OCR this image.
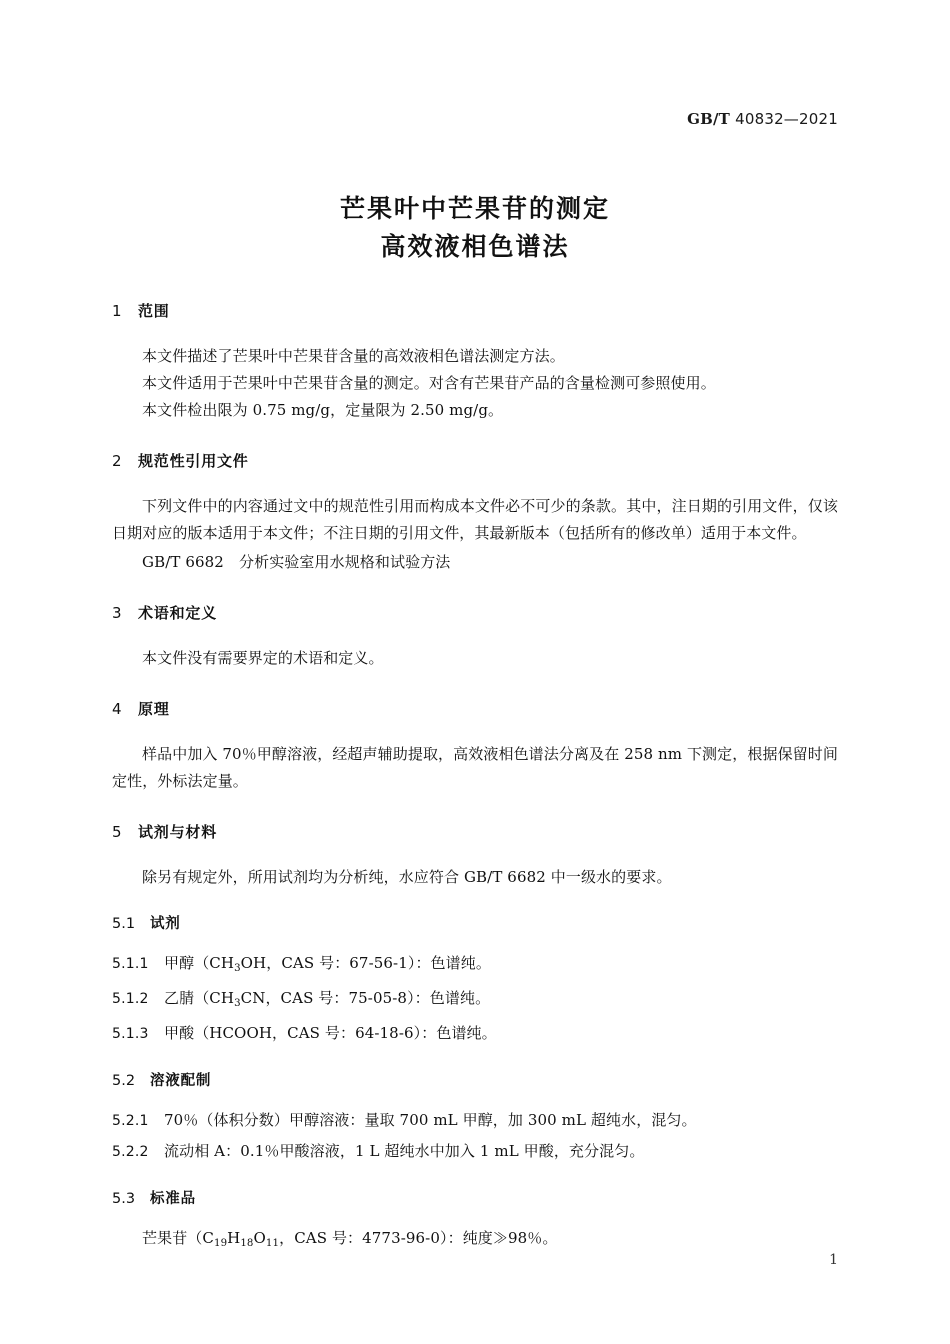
GB/T 40832—2021
芒果叶中芒果苷的测定
高效液相色谱法
1 范围

本文件描述了芒果叶中芒果苷含量的高效液相色谱法测定方法。

本文件适用于芒果叶中芒果苷含量的测定。对含有芒果苷产品的含量检测可参照使用。

本文件检出限为 0.75 mg/g，定量限为 2.50 mg/g。

2 规范性引用文件

下列文件中的内容通过文中的规范性引用而构成本文件必不可少的条款。其中，注日期的引用文件，仅该日期对应的版本适用于本文件；不注日期的引用文件，其最新版本（包括所有的修改单）适用于本文件。

GB/T 6682　分析实验室用水规格和试验方法

3 术语和定义

本文件没有需要界定的术语和定义。

4 原理

样品中加入 70％甲醇溶液，经超声辅助提取，高效液相色谱法分离及在 258 nm 下测定，根据保留时间定性，外标法定量。

5 试剂与材料

除另有规定外，所用试剂均为分析纯，水应符合 GB/T 6682 中一级水的要求。

5.1 试剂
5.1.1	甲醇（$CH_3OH$，CAS 号：67-56-1）：色谱纯。
5.1.2	乙腈（$CH_3CN$，CAS 号：75-05-8）：色谱纯。
5.1.3	甲酸（HCOOH，CAS 号：64-18-6）：色谱纯。
5.2 溶液配制
5.2.1	70％（体积分数）甲醇溶液：量取 700 mL 甲醇，加 300 mL 超纯水，混匀。
5.2.2	流动相 A：0.1％甲酸溶液，1 L 超纯水中加入 1 mL 甲酸，充分混匀。
5.3 标准品

芒果苷（$C_{19}H_{18}O_{11}$，CAS 号：4773-96-0）：纯度≫98％。

1
